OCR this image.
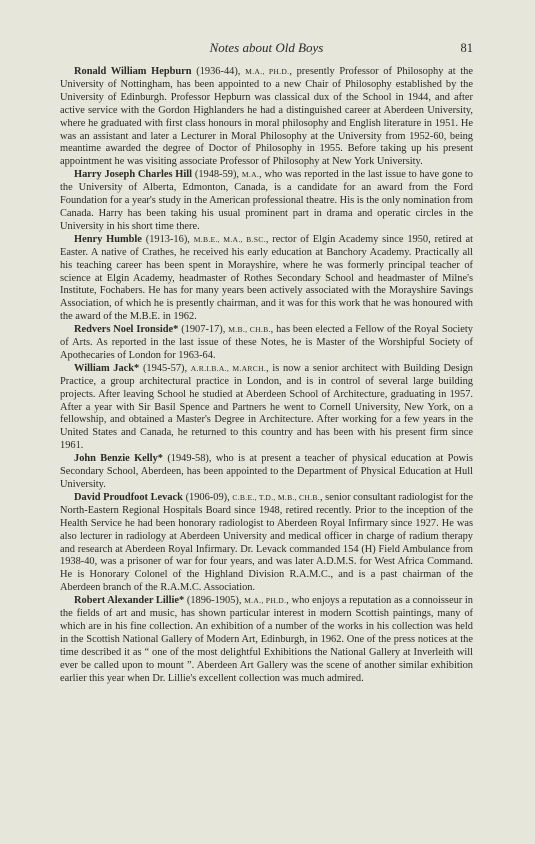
Notes about Old Boys	81

Ronald William Hepburn (1936-44), M.A., PH.D., presently Professor of Philosophy at the University of Nottingham, has been appointed to a new Chair of Philosophy established by the University of Edinburgh. Professor Hepburn was classical dux of the School in 1944, and after active service with the Gordon Highlanders he had a distinguished career at Aberdeen University, where he graduated with first class honours in moral philosophy and English literature in 1951. He was an assistant and later a Lecturer in Moral Philosophy at the University from 1952-60, being meantime awarded the degree of Doctor of Philosophy in 1955. Before taking up his present appointment he was visiting associate Professor of Philosophy at New York University.

Harry Joseph Charles Hill (1948-59), M.A., who was reported in the last issue to have gone to the University of Alberta, Edmonton, Canada, is a candidate for an award from the Ford Foundation for a year's study in the American professional theatre. His is the only nomination from Canada. Harry has been taking his usual prominent part in drama and operatic circles in the University in his short time there.

Henry Humble (1913-16), M.B.E., M.A., B.SC., rector of Elgin Academy since 1950, retired at Easter. A native of Crathes, he received his early education at Banchory Academy. Practically all his teaching career has been spent in Morayshire, where he was formerly principal teacher of science at Elgin Academy, headmaster of Rothes Secondary School and headmaster of Milne's Institute, Fochabers. He has for many years been actively associated with the Morayshire Savings Association, of which he is presently chairman, and it was for this work that he was honoured with the award of the M.B.E. in 1962.

Redvers Noel Ironside* (1907-17), M.B., CH.B., has been elected a Fellow of the Royal Society of Arts. As reported in the last issue of these Notes, he is Master of the Worshipful Society of Apothecaries of London for 1963-64.

William Jack* (1945-57), A.R.I.B.A., M.ARCH., is now a senior architect with Building Design Practice, a group architectural practice in London, and is in control of several large building projects. After leaving School he studied at Aberdeen School of Architecture, graduating in 1957. After a year with Sir Basil Spence and Partners he went to Cornell University, New York, on a fellowship, and obtained a Master's Degree in Architecture. After working for a few years in the United States and Canada, he returned to this country and has been with his present firm since 1961.

John Benzie Kelly* (1949-58), who is at present a teacher of physical education at Powis Secondary School, Aberdeen, has been appointed to the Department of Physical Education at Hull University.

David Proudfoot Levack (1906-09), C.B.E., T.D., M.B., CH.B., senior consultant radiologist for the North-Eastern Regional Hospitals Board since 1948, retired recently. Prior to the inception of the Health Service he had been honorary radiologist to Aberdeen Royal Infirmary since 1927. He was also lecturer in radiology at Aberdeen University and medical officer in charge of radium therapy and research at Aberdeen Royal Infirmary. Dr. Levack commanded 154 (H) Field Ambulance from 1938-40, was a prisoner of war for four years, and was later A.D.M.S. for West Africa Command. He is Honorary Colonel of the Highland Division R.A.M.C., and is a past chairman of the Aberdeen branch of the R.A.M.C. Association.

Robert Alexander Lillie* (1896-1905), M.A., PH.D., who enjoys a reputation as a connoisseur in the fields of art and music, has shown particular interest in modern Scottish paintings, many of which are in his fine collection. An exhibition of a number of the works in his collection was held in the Scottish National Gallery of Modern Art, Edinburgh, in 1962. One of the press notices at the time described it as “ one of the most delightful Exhibitions the National Gallery at Inverleith will ever be called upon to mount ”. Aberdeen Art Gallery was the scene of another similar exhibition earlier this year when Dr. Lillie's excellent collection was much admired.
